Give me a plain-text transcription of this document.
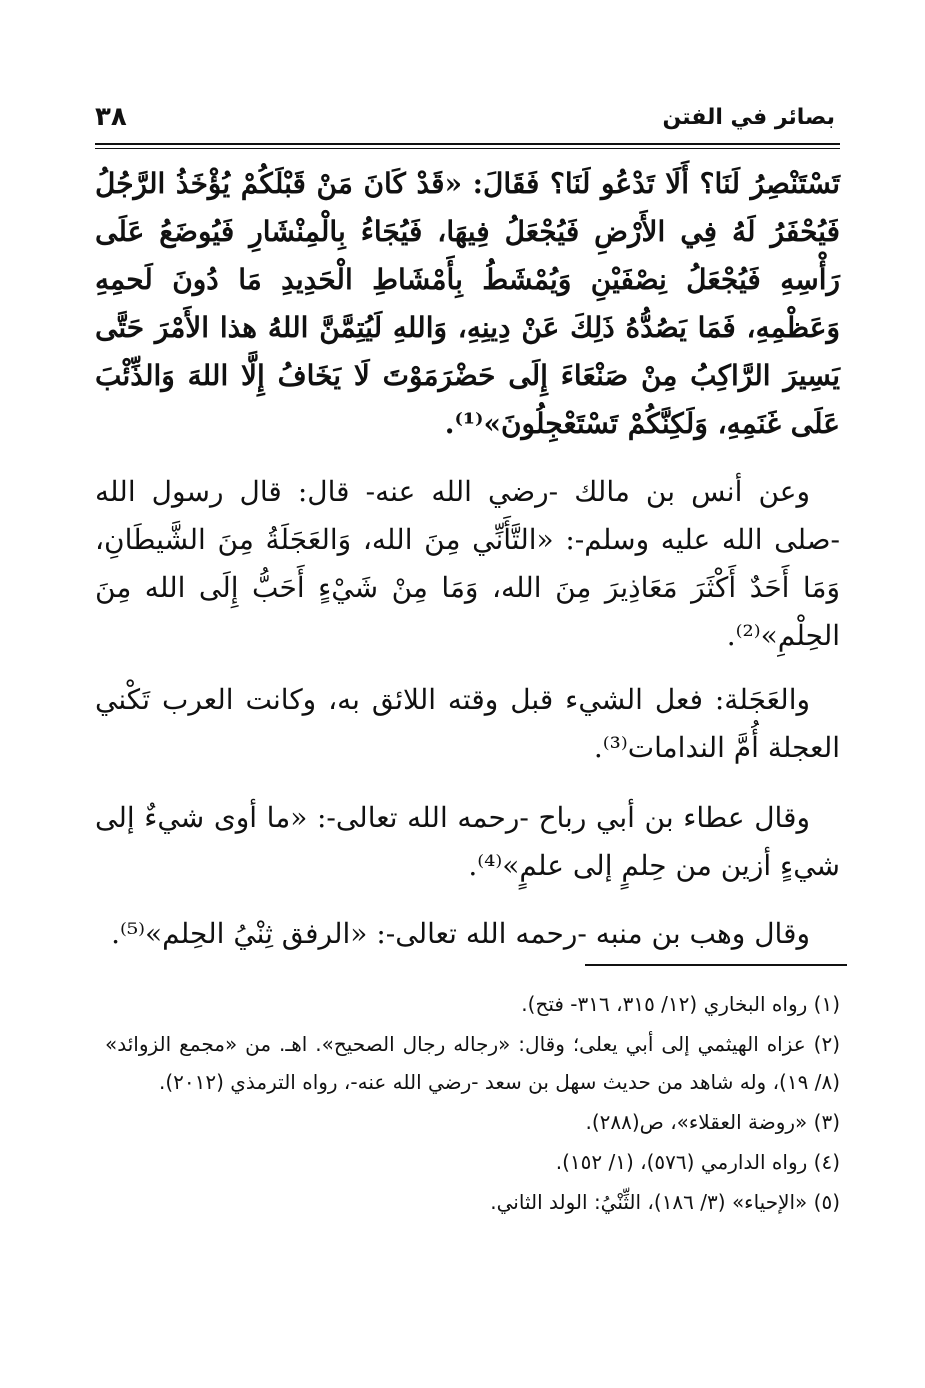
٣٨	بصائر في الفتن

تَسْتَنْصِرُ لَنَا؟ أَلَا تَدْعُو لَنَا؟ فَقَالَ: «قَدْ كَانَ مَنْ قَبْلَكُمْ يُؤْخَذُ الرَّجُلُ فَيُحْفَرُ لَهُ فِي الأَرْضِ فَيُجْعَلُ فِيهَا، فَيُجَاءُ بِالْمِنْشَارِ فَيُوضَعُ عَلَى رَأْسِهِ فَيُجْعَلُ نِصْفَيْنِ وَيُمْشَطُ بِأَمْشَاطِ الْحَدِيدِ مَا دُونَ لَحمِهِ وَعَظْمِهِ، فَمَا يَصُدُّهُ ذَلِكَ عَنْ دِينِهِ، وَاللهِ لَيُتِمَّنَّ اللهُ هذا الأَمْرَ حَتَّى يَسِيرَ الرَّاكِبُ مِنْ صَنْعَاءَ إِلَى حَضْرَمَوْتَ لَا يَخَافُ إِلَّا اللهَ وَالذِّئْبَ عَلَى غَنَمِهِ، وَلَكِنَّكُمْ تَسْتَعْجِلُونَ»⁽¹⁾.

وعن أنس بن مالك -رضي الله عنه- قال: قال رسول الله -صلى الله عليه وسلم-: «التَّأَنِّي مِنَ الله، وَالعَجَلَةُ مِنَ الشَّيطَانِ، وَمَا أَحَدٌ أَكْثَرَ مَعَاذِيرَ مِنَ الله، وَمَا مِنْ شَيْءٍ أَحَبُّ إِلَى الله مِنَ الحِلْمِ»⁽²⁾.

والعَجَلة: فعل الشيء قبل وقته اللائق به، وكانت العرب تَكْني العجلة أُمَّ الندامات⁽³⁾.

وقال عطاء بن أبي رباح -رحمه الله تعالى-: «ما أوى شيءٌ إلى شيءٍ أزين من حِلمٍ إلى علمٍ»⁽⁴⁾.

وقال وهب بن منبه -رحمه الله تعالى-: «الرفق ثِنْيُ الحِلم»⁽⁵⁾.

(١) رواه البخاري (١٢/ ٣١٥، ٣١٦- فتح).

(٢) عزاه الهيثمي إلى أبي يعلى؛ وقال: «رجاله رجال الصحيح». اهـ. من «مجمع الزوائد» (٨/ ١٩)، وله شاهد من حديث سهل بن سعد -رضي الله عنه-، رواه الترمذي (٢٠١٢).

(٣) «روضة العقلاء»، ص(٢٨٨).

(٤) رواه الدارمي (٥٧٦)، (١/ ١٥٢).

(٥) «الإحياء» (٣/ ١٨٦)، الثِّنْيُ: الولد الثاني.
